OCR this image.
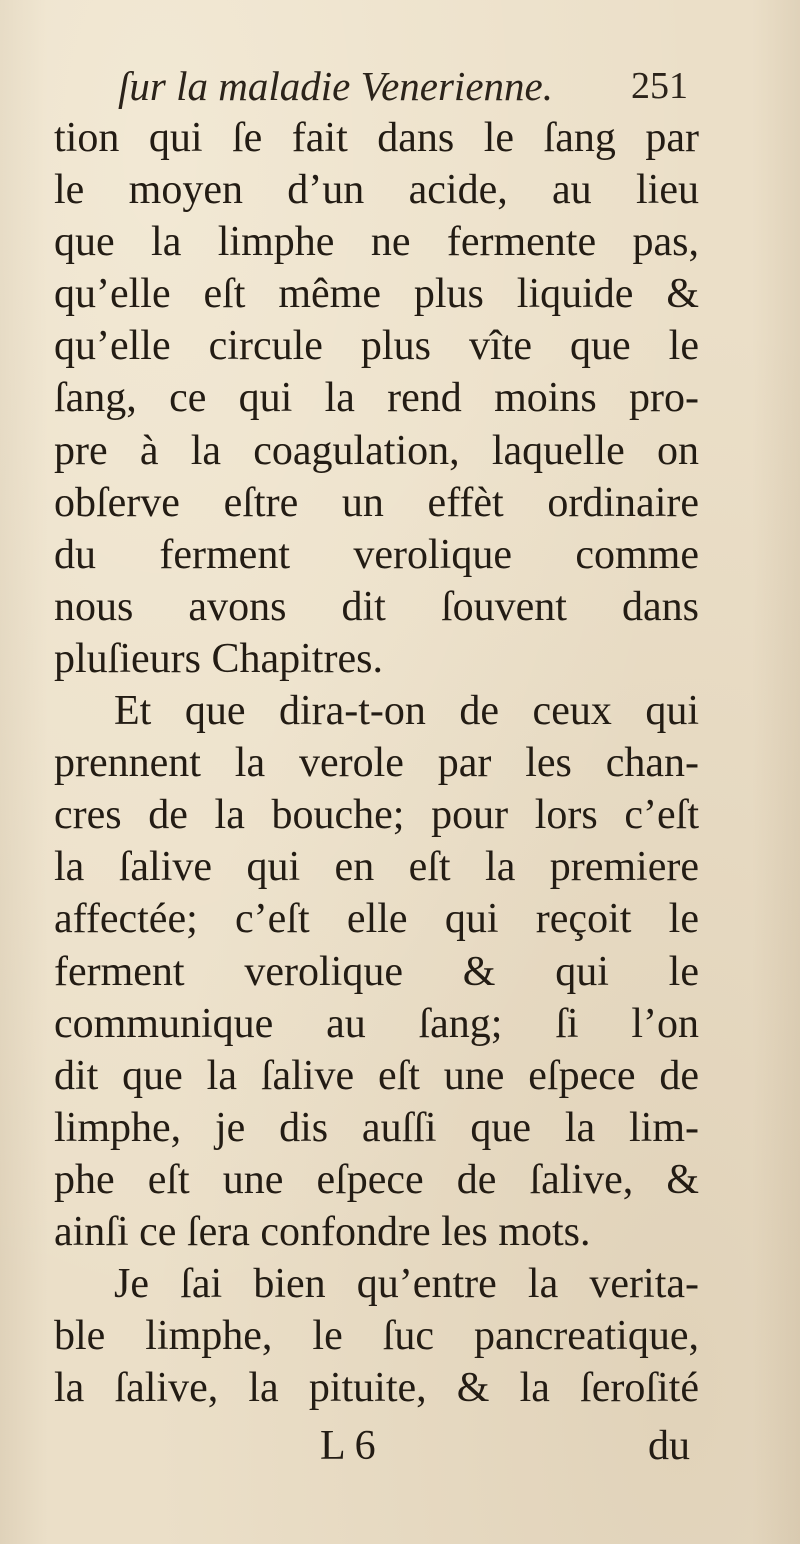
ſur la maladie Venerienne. 251
tion qui ſe fait dans le ſang par
le moyen d’un acide, au lieu
que la limphe ne fermente pas,
qu’elle eſt même plus liquide &
qu’elle circule plus vîte que le
ſang, ce qui la rend moins pro-
pre à la coagulation, laquelle on
obſerve eſtre un effèt ordinaire
du ferment verolique comme
nous avons dit ſouvent dans
pluſieurs Chapitres.
Et que dira-t-on de ceux qui
prennent la verole par les chan-
cres de la bouche; pour lors c’eſt
la ſalive qui en eſt la premiere
affectée; c’eſt elle qui reçoit le
ferment verolique & qui le
communique au ſang; ſi l’on
dit que la ſalive eſt une eſpece de
limphe, je dis auſſi que la lim-
phe eſt une eſpece de ſalive, &
ainſi ce ſera confondre les mots.
Je ſai bien qu’entre la verita-
ble limphe, le ſuc pancreatique,
la ſalive, la pituite, & la ſeroſité
L 6	du
